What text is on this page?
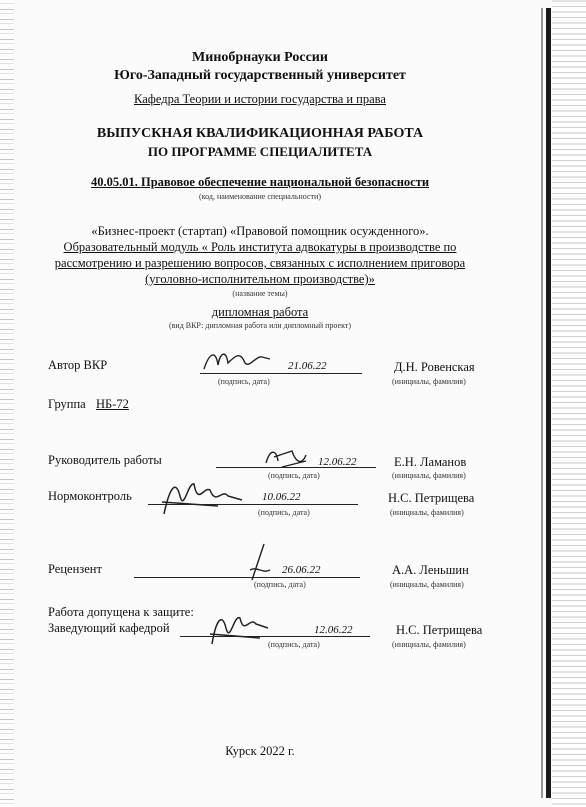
Минобрнауки России
Юго-Западный государственный университет
Кафедра Теории и истории государства и права
ВЫПУСКНАЯ КВАЛИФИКАЦИОННАЯ РАБОТА
ПО ПРОГРАММЕ СПЕЦИАЛИТЕТА
40.05.01. Правовое обеспечение национальной безопасности
(код, наименование специальности)
«Бизнес-проект (стартап) «Правовой помощник осужденного».
Образовательный модуль « Роль института адвокатуры в производстве по
рассмотрению и разрешению вопросов, связанных с исполнением приговора
(уголовно-исполнительном производстве)»
(название темы)
дипломная работа
(вид ВКР: дипломная работа или дипломный проект)
Автор ВКР	21.06.22
(подпись, дата)
Д.Н. Ровенская
(инициалы, фамилия)
Группа НБ-72
Руководитель работы	12.06.22
(подпись, дата)
Е.Н. Ламанов
(инициалы, фамилия)
Нормоконтроль	10.06.22
(подпись, дата)
Н.С. Петрищева
(инициалы, фамилия)
Рецензент	26.06.22
(подпись, дата)
А.А. Леньшин
(инициалы, фамилия)
Работа допущена к защите:
Заведующий кафедрой	12.06.22
(подпись, дата)
Н.С. Петрищева
(инициалы, фамилия)
Курск 2022 г.
